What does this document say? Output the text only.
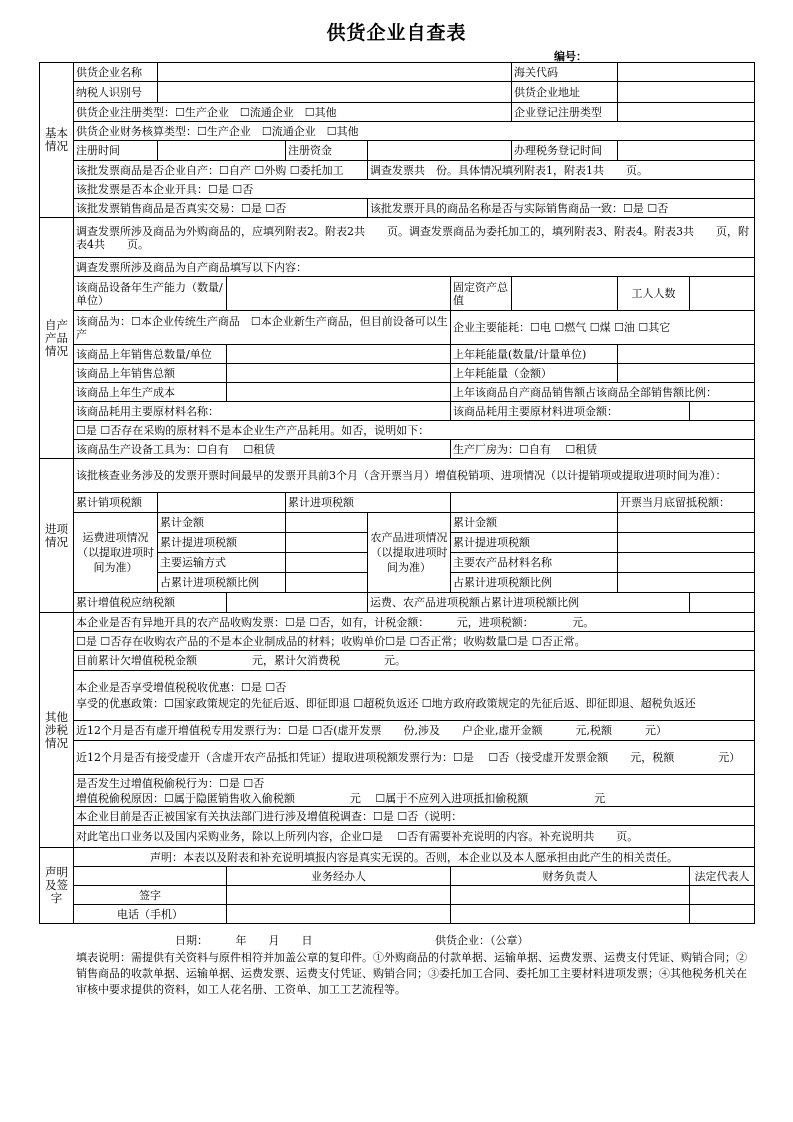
供货企业自查表
编号：
基本情况	供货企业名称						海关代码		
	纳税人识别号						供货企业地址		
	供货企业注册类型：☐生产企业　☐流通企业　☐其他						企业登记注册类型		
	供货企业财务核算类型：☐生产企业　☐流通企业　☐其他								
	注册时间			注册资金			办理税务登记时间		
	该批发票商品是否企业自产：☐自产 ☐外购 ☐委托加工				调查发票共　份。具体情况填列附表1，附表1共　　页。				
	该批发票是否本企业开具：☐是 ☐否								
	该批发票销售商品是否真实交易：☐是 ☐否				该批发票开具的商品名称是否与实际销售商品一致：☐是 ☐否				
自产产品情况	调查发票所涉及商品为外购商品的，应填列附表2。附表2共　　页。调查发票商品为委托加工的，填列附表3、附表4。附表3共　　页，附表4共　　页。								
	调查发票所涉及商品为自产商品填写以下内容：								
	该商品设备年生产能力（数量/单位）					固定资产总值		工人人数	
	该商品为：☐本企业传统生产商品　☐本企业新生产商品，但目前设备可以生产					企业主要能耗：☐电 ☐燃气 ☐煤 ☐油 ☐其它			
	该商品上年销售总数量/单位					上年耗能量(数量/计量单位)			
	该商品上年销售总额					上年耗能量（金额）			
	该商品上年生产成本					上年该商品自产商品销售额占该商品全部销售额比例：			
	该商品耗用主要原材料名称：					该商品耗用主要原材料进项金额：			
	☐是 ☐否存在采购的原材料不是本企业生产产品耗用。如否，说明如下：								
	该商品生产设备工具为：☐自有　 ☐租赁					生产厂房为：☐自有　 ☐租赁			
进项情况	该批核查业务涉及的发票开票时间最早的发票开具前3个月（含开票当月）增值税销项、进项情况（以计提销项或提取进项时间为准）：								
	累计销项税额			累计进项税额				开票当月底留抵税额：	
	运费进项情况（以提取进项时间为准）	累计金额			农产品进项情况（以提取进项时间为准）	累计金额			
		累计提进项税额				累计提进项税额			
		主要运输方式				主要农产品材料名称			
		占累计进项税额比例				占累计进项税额比例			
	累计增值税应纳税额				运费、农产品进项税额占累计进项税额比例				
其他涉税情况	本企业是否有异地开具的农产品收购发票：☐是 ☐否，如有，计税金额：　　　元，进项税额：　　　　元。								
	☐是 ☐否存在收购农产品的不是本企业制成品的材料；收购单价☐是 ☐否正常；收购数量☐是 ☐否正常。								
	目前累计欠增值税税金额　　　　　元，累计欠消费税　　　　元。								

	本企业是否享受增值税税收优惠：☐是 ☐否
享受的优惠政策：☐国家政策规定的先征后返、即征即退 ☐超税负返还 ☐地方政府政策规定的先征后返、即征即退、超税负返还								

	近12个月是否有虚开增值税专用发票行为：☐是 ☐否(虚开发票　　份,涉及　　户企业,虚开金额　　　元,税额　　　元）								
	近12个月是否有接受虚开（含虚开农产品抵扣凭证）提取进项税额发票行为：☐是　 ☐否（接受虚开发票金额　　元，税额　　　　元）								

	是否发生过增值税偷税行为：☐是 ☐否
增值税偷税原因：☐属于隐匿销售收入偷税额　　　　　元　 ☐属于不应列入进项抵扣偷税额　　　　　　元								

	本企业目前是否正被国家有关执法部门进行涉及增值税调查：☐是 ☐否（说明：								
	对此笔出口业务以及国内采购业务，除以上所列内容，企业☐是　 ☐否有需要补充说明的内容。补充说明共　　页。								
声明及签字	声明：本表以及附表和补充说明填报内容是真实无误的。否则，本企业以及本人愿承担由此产生的相关责任。								
			业务经办人			财务负责人			法定代表人
	签字								
	电话（手机）								
日期：　　　年　　月　　日	供货企业：（公章）
填表说明：需提供有关资料与原件相符并加盖公章的复印件。①外购商品的付款单据、运输单据、运费发票、运费支付凭证、购销合同；②销售商品的收款单据、运输单据、运费发票、运费支付凭证、购销合同；③委托加工合同、委托加工主要材料进项发票；④其他税务机关在审核中要求提供的资料，如工人花名册、工资单、加工工艺流程等。
